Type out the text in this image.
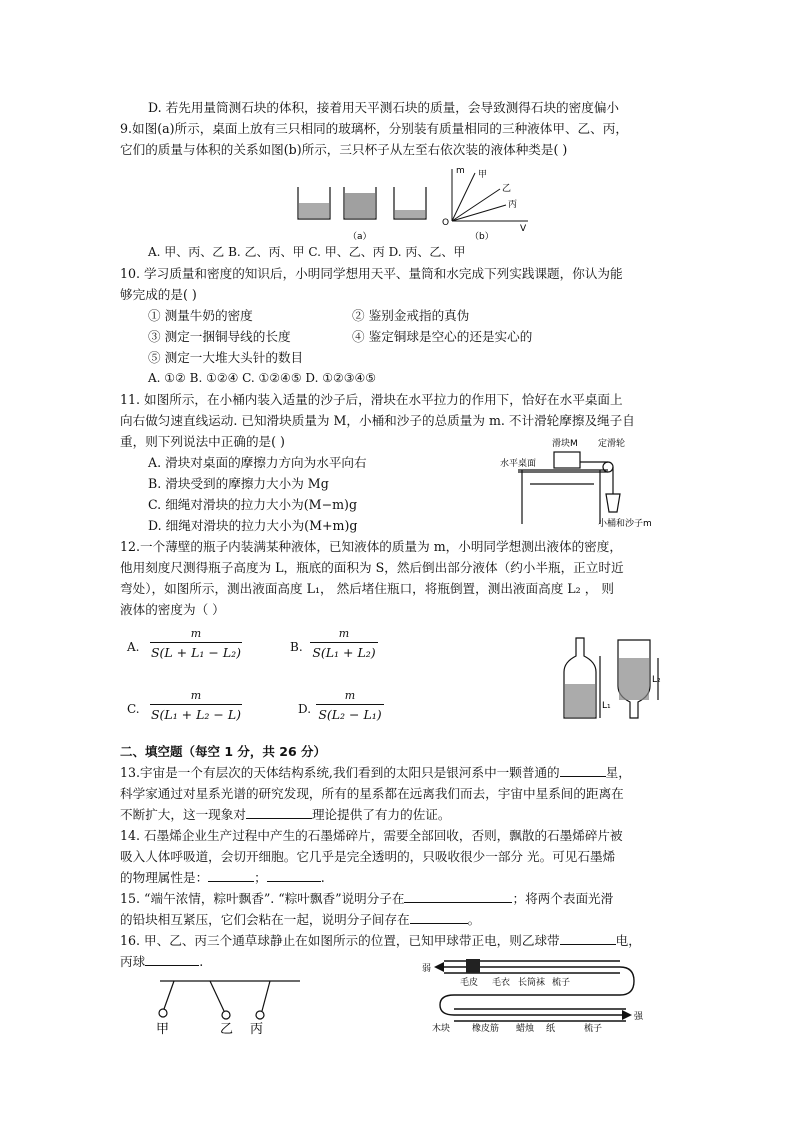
D. 若先用量筒测石块的体积，接着用天平测石块的质量，会导致测得石块的密度偏小
9.如图(a)所示，桌面上放有三只相同的玻璃杯，分别装有质量相同的三种液体甲、乙、丙，
它们的质量与体积的关系如图(b)所示，三只杯子从左至右依次装的液体种类是( )
m
V
O
甲
乙
丙
（a）	（b）
A. 甲、丙、乙 B. 乙、丙、甲 C. 甲、乙、丙 D. 丙、乙、甲
10. 学习质量和密度的知识后，小明同学想用天平、量筒和水完成下列实践课题，你认为能
够完成的是( )
① 测量牛奶的密度	② 鉴别金戒指的真伪
③ 测定一捆铜导线的长度	④ 鉴定铜球是空心的还是实心的
⑤ 测定一大堆大头针的数目
A. ①② B. ①②④ C. ①②④⑤ D. ①②③④⑤
11. 如图所示，在小桶内装入适量的沙子后，滑块在水平拉力的作用下，恰好在水平桌面上
向右做匀速直线运动. 已知滑块质量为 M，小桶和沙子的总质量为 m. 不计滑轮摩擦及绳子自
重，则下列说法中正确的是( )
A. 滑块对桌面的摩擦力方向为水平向右
B. 滑块受到的摩擦力大小为 Mg
C. 细绳对滑块的拉力大小为(M−m)g
D. 细绳对滑块的拉力大小为(M+m)g
滑块M 定滑轮
水平桌面
小桶和沙子m
12.一个薄壁的瓶子内装满某种液体，已知液体的质量为 m，小明同学想测出液体的密度，
他用刻度尺测得瓶子高度为 L，瓶底的面积为 S，然后倒出部分液体（约小半瓶，正立时近
弯处），如图所示，测出液面高度 L₁， 然后堵住瓶口，将瓶倒置，测出液面高度 L₂ ， 则
液体的密度为（ ）
A.
m
S(L + L₁ − L₂)	B.
m
S(L₁ + L₂)
C.
m
S(L₁ + L₂ − L)	D.
m
S(L₂ − L₁)
L₁
L₂
二、填空题（每空 1 分，共 26 分）
13.宇宙是一个有层次的天体结构系统,我们看到的太阳只是银河系中一颗普通的	星，
科学家通过对星系光谱的研究发现，所有的星系都在远离我们而去，宇宙中星系间的距离在
不断扩大，这一现象对	理论提供了有力的佐证。
14. 石墨烯企业生产过程中产生的石墨烯碎片，需要全部回收，否则，飘散的石墨烯碎片被
吸入人体呼吸道，会切开细胞。它几乎是完全透明的，只吸收很少一部分 光。可见石墨烯
的物理属性是：	；	.
15. “端午浓情，粽叶飘香”. “粽叶飘香”说明分子在	；将两个表面光滑
的铅块相互紧压，它们会粘在一起，说明分子间存在	。
16. 甲、乙、丙三个通草球静止在如图所示的位置，已知甲球带正电，则乙球带	电，
丙球	.
甲	乙 丙
弱
强
毛皮 毛衣 长筒袜 梳子
木块 橡皮筋 蜡烛 纸	梳子
